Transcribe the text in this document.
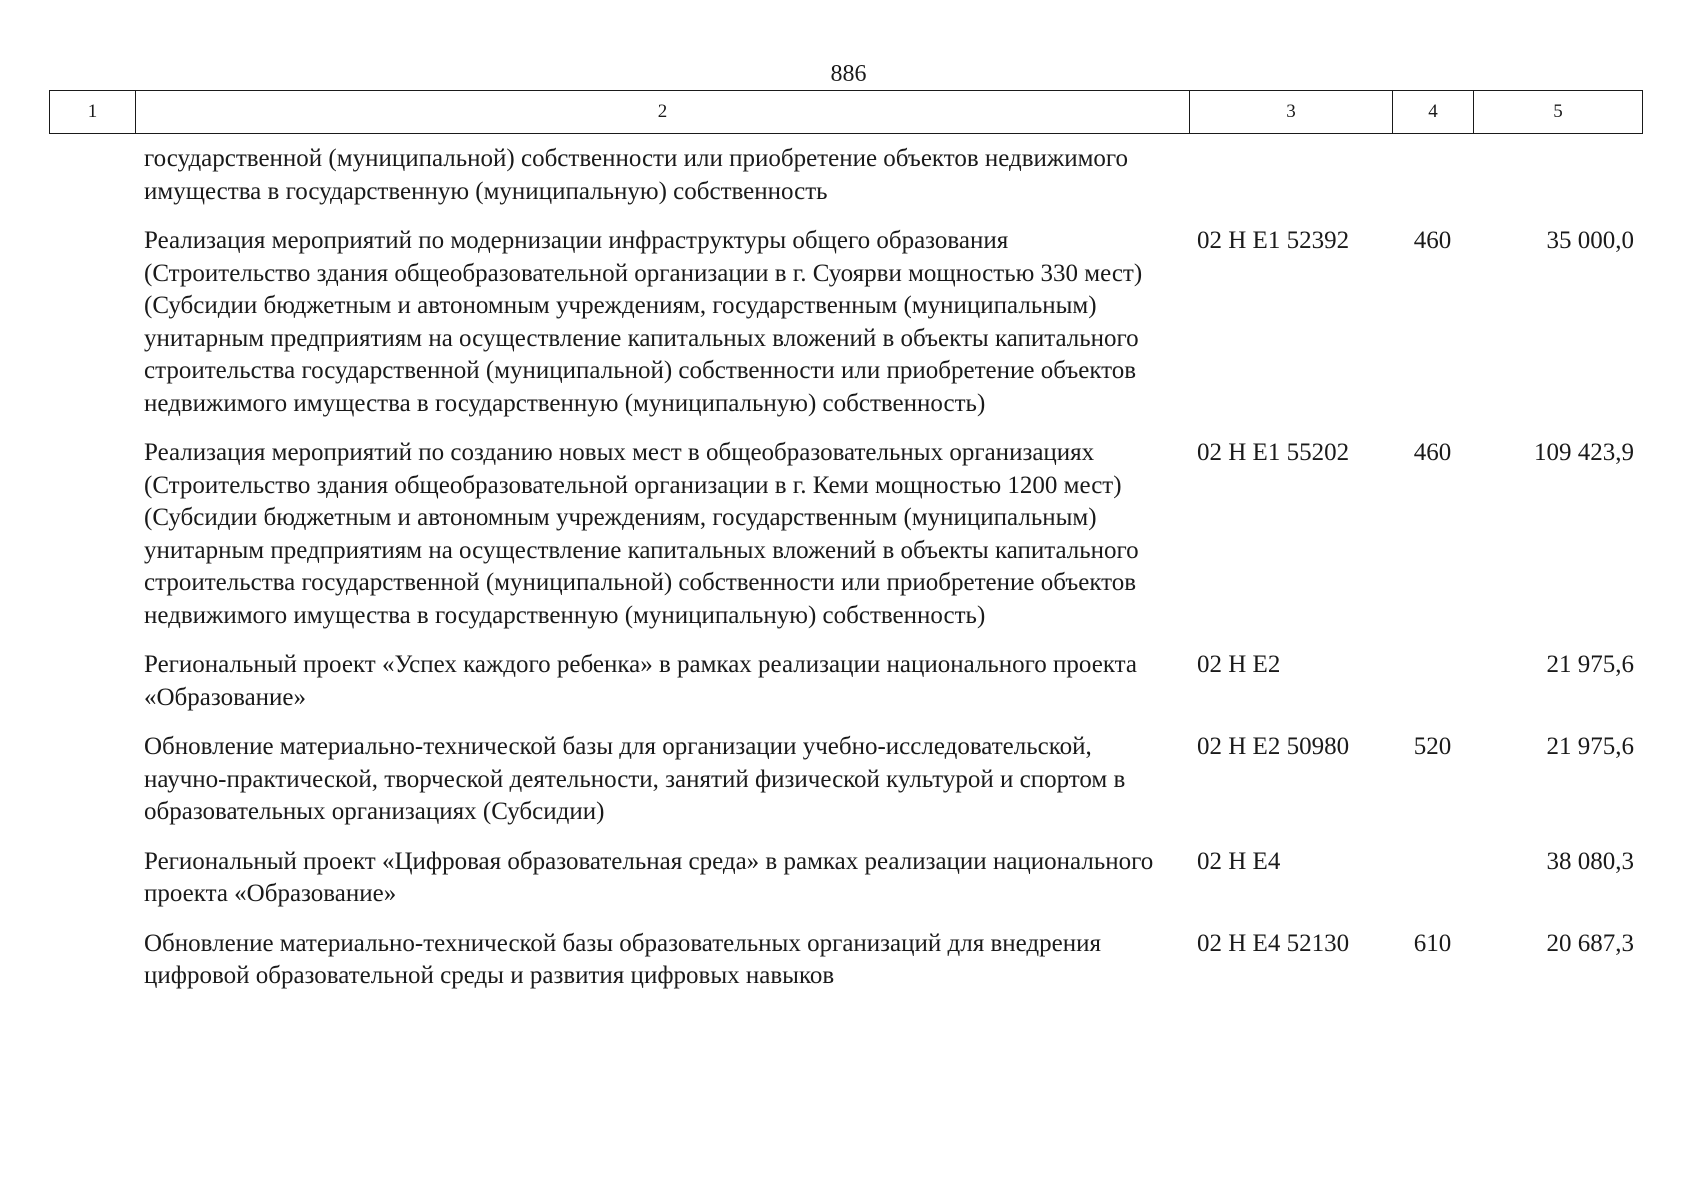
886
1	2	3	4	5
государственной (муниципальной) собственности или приобретение объектов недвижимого имущества в государственную (муниципальную) собственность			
Реализация мероприятий по модернизации инфраструктуры общего образования (Строительство здания общеобразовательной организации в г. Суоярви мощностью 330 мест) (Субсидии бюджетным и автономным учреждениям, государственным (муниципальным) унитарным предприятиям на осуществление капитальных вложений в объекты капитального строительства государственной (муниципальной) собственности или приобретение объектов недвижимого имущества в государственную (муниципальную) собственность)	02 Н Е1 52392	460	35 000,0
Реализация мероприятий по созданию новых мест в общеобразовательных организациях (Строительство здания общеобразовательной организации в г. Кеми мощностью 1200 мест) (Субсидии бюджетным и автономным учреждениям, государственным (муниципальным) унитарным предприятиям на осуществление капитальных вложений в объекты капитального строительства государственной (муниципальной) собственности или приобретение объектов недвижимого имущества в государственную (муниципальную) собственность)	02 Н Е1 55202	460	109 423,9
Региональный проект «Успех каждого ребенка» в рамках реализации национального проекта «Образование»	02 Н Е2		21 975,6
Обновление материально-технической базы для организации учебно-исследовательской, научно-практической, творческой деятельности, занятий физической культурой и спортом в образовательных организациях (Субсидии)	02 Н Е2 50980	520	21 975,6
Региональный проект «Цифровая образовательная среда» в рамках реализации национального проекта «Образование»	02 Н Е4		38 080,3
Обновление материально-технической базы образовательных организаций для внедрения цифровой образовательной среды и развития цифровых навыков	02 Н Е4 52130	610	20 687,3
